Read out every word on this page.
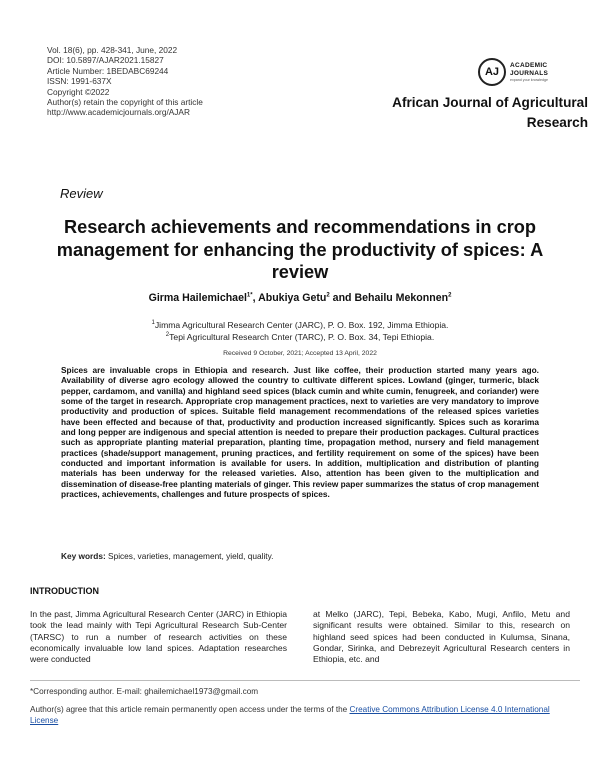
Vol. 18(6), pp. 428-341, June, 2022
DOI: 10.5897/AJAR2021.15827
Article Number: 1BEDABC69244
ISSN: 1991-637X
Copyright ©2022
Author(s) retain the copyright of this article
http://www.academicjournals.org/AJAR
AJ
ACADEMIC
JOURNALS
expand your knowledge
African Journal of Agricultural
Research
Review
Research achievements and recommendations in crop management for enhancing the productivity of spices: A review
Girma Hailemichael$^{1*}$, Abukiya Getu$^2$ and Behailu Mekonnen$^2$
$^1$Jimma Agricultural Research Center (JARC), P. O. Box. 192, Jimma Ethiopia.
$^2$Tepi Agricultural Research Cnter (TARC), P. O. Box. 34, Tepi Ethiopia.
Received 9 October, 2021; Accepted 13 April, 2022
Spices are invaluable crops in Ethiopia and research. Just like coffee, their production started many years ago. Availability of diverse agro ecology allowed the country to cultivate different spices. Lowland (ginger, turmeric, black pepper, cardamom, and vanilla) and highland seed spices (black cumin and white cumin, fenugreek, and coriander) were some of the target in research. Appropriate crop management practices, next to varieties are very mandatory to improve productivity and production of spices. Suitable field management recommendations of the released spices varieties have been effected and because of that, productivity and production increased significantly. Spices such as korarima and long pepper are indigenous and special attention is needed to prepare their production packages. Cultural practices such as appropriate planting material preparation, planting time, propagation method, nursery and field management practices (shade/support management, pruning practices, and fertility requirement on some of the spices) have been conducted and important information is available for users. In addition, multiplication and distribution of planting materials has been underway for the released varieties. Also, attention has been given to the multiplication and dissemination of disease-free planting materials of ginger. This review paper summarizes the status of crop management practices, achievements, challenges and future prospects of spices.
Key words: Spices, varieties, management, yield, quality.
INTRODUCTION
In the past, Jimma Agricultural Research Center (JARC) in Ethiopia took the lead mainly with Tepi Agricultural Research Sub-Center (TARSC) to run a number of research activities on these economically invaluable low land spices. Adaptation researches were conducted
at Melko (JARC), Tepi, Bebeka, Kabo, Mugi, Anfilo, Metu and significant results were obtained. Similar to this, research on highland seed spices had been conducted in Kulumsa, Sinana, Gondar, Sirinka, and Debrezeyit Agricultural Research centers in Ethiopia, etc. and
*Corresponding author. E-mail: ghailemichael1973@gmail.com
Author(s) agree that this article remain permanently open access under the terms of the Creative Commons Attribution License 4.0 International License
